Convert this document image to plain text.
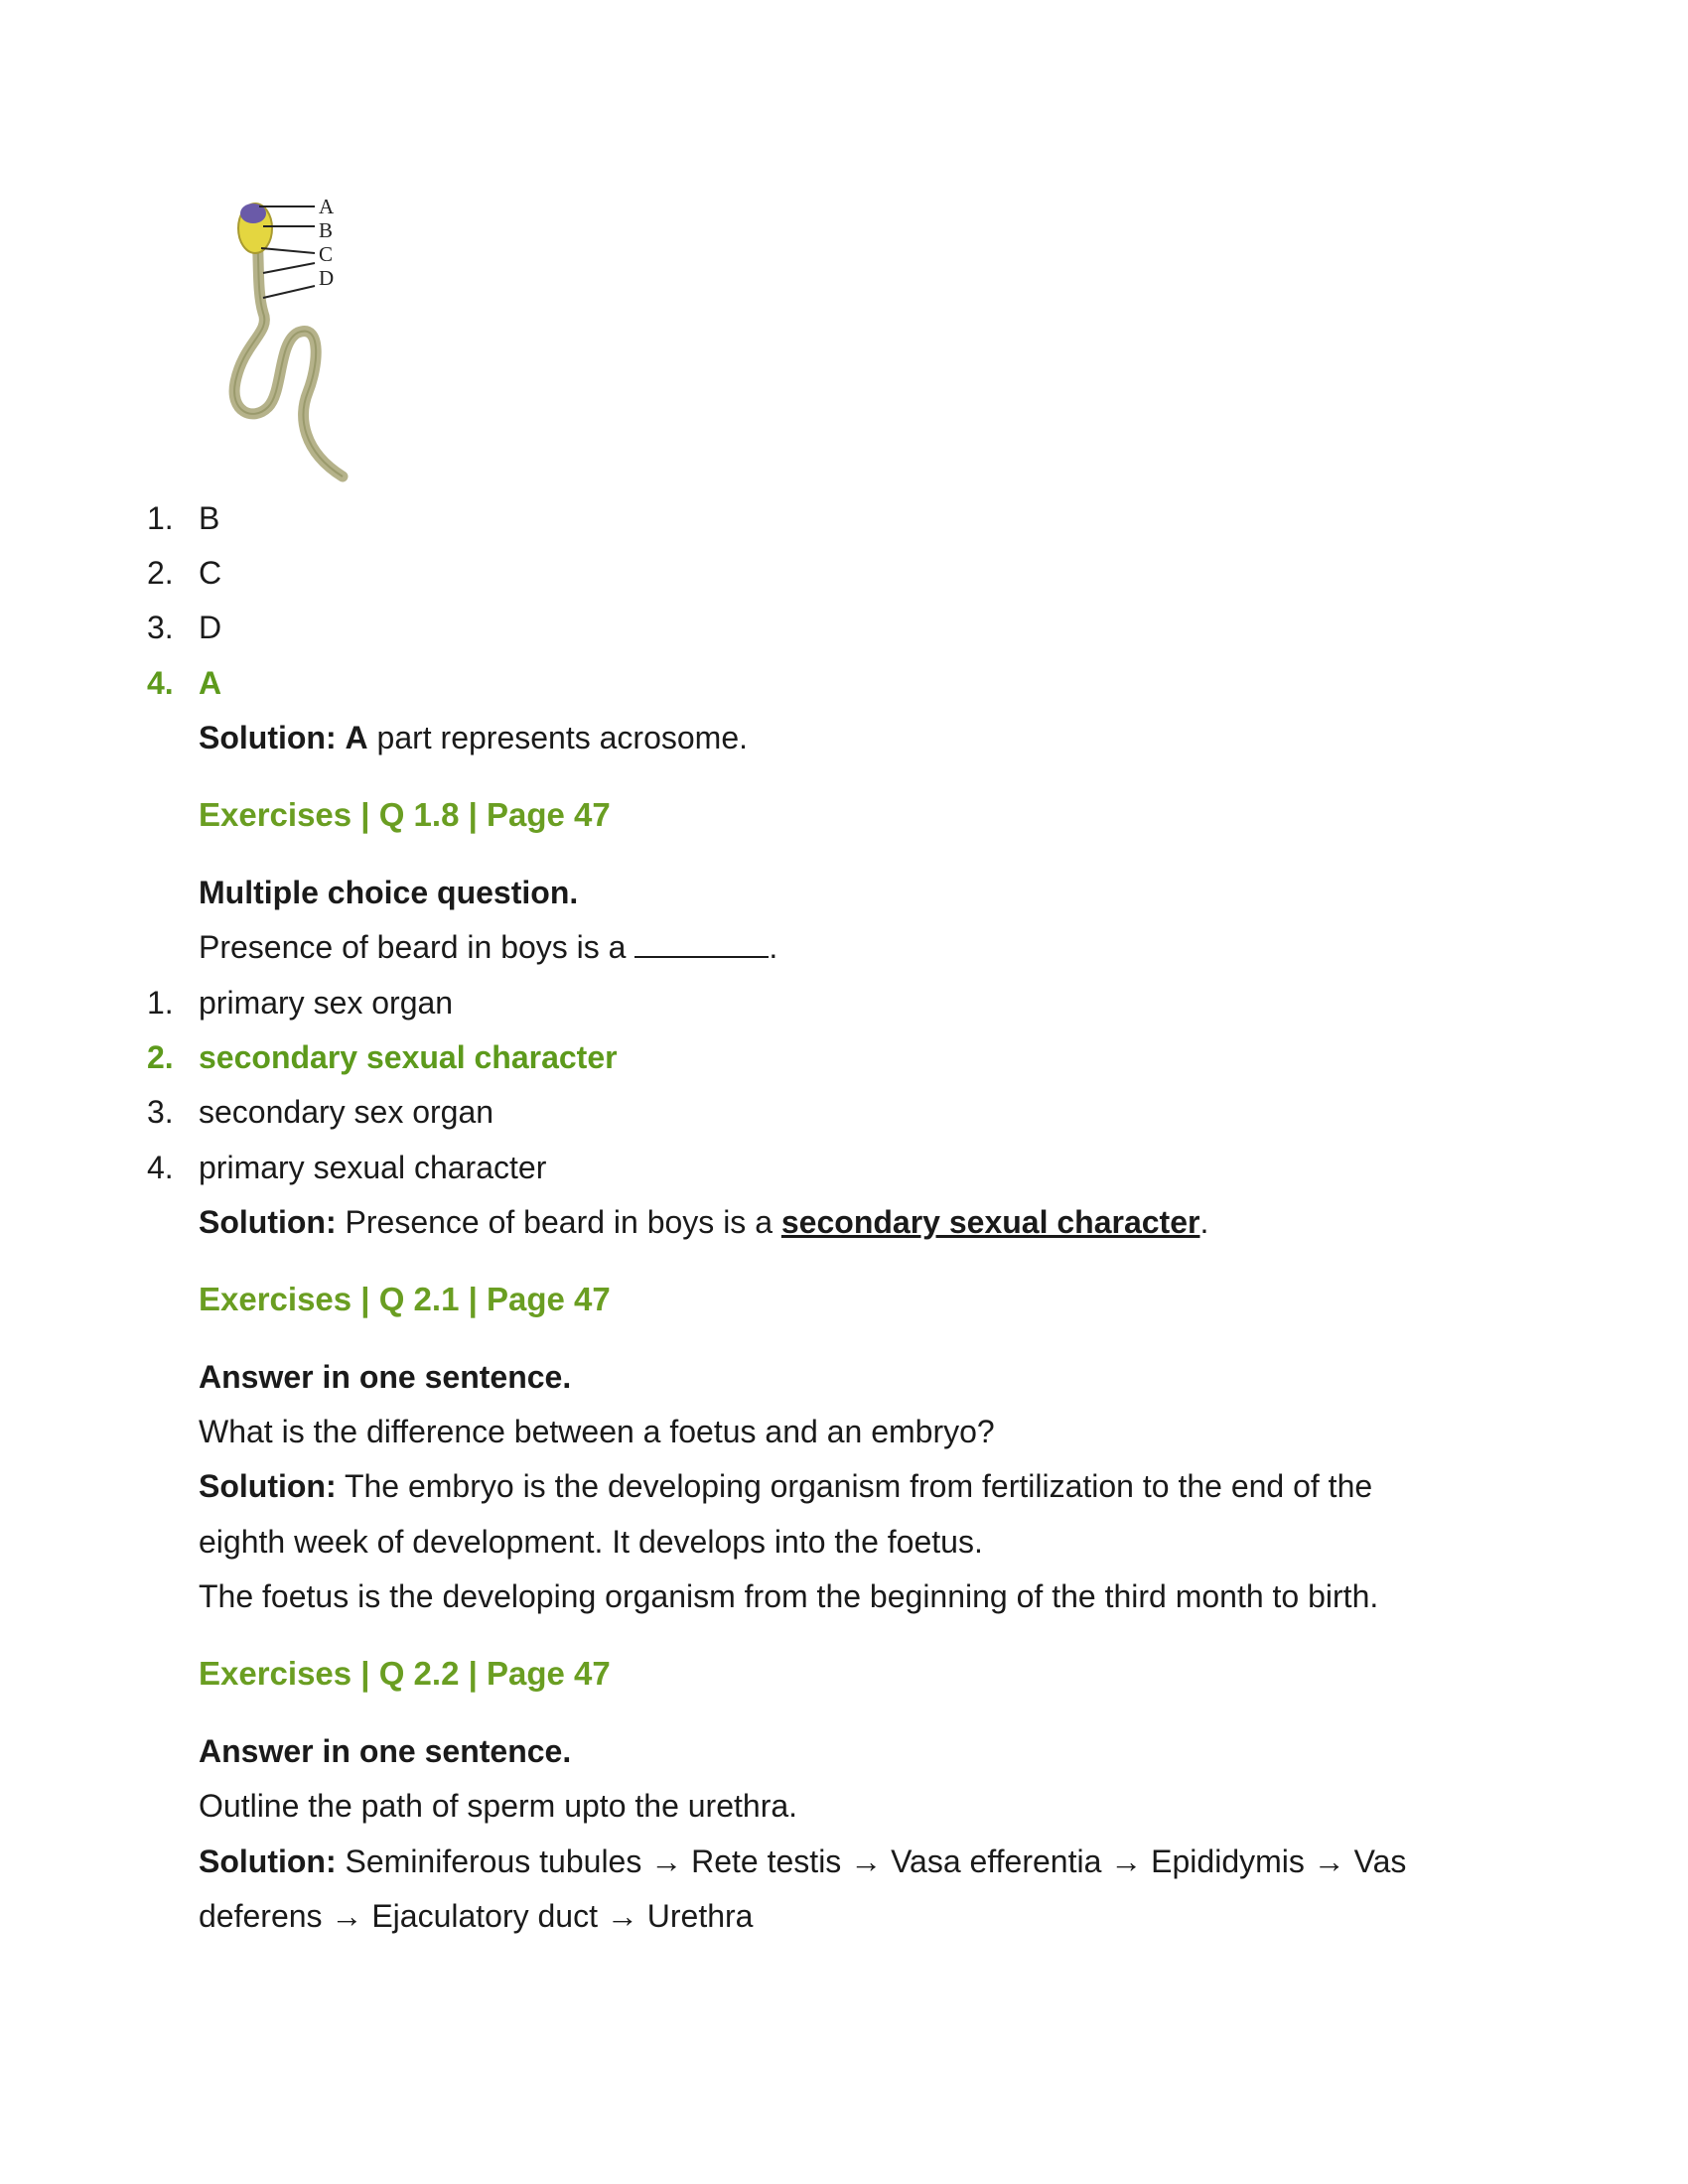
A
B
C
D
1. B
2. C
3. D
4. A
Solution: A part represents acrosome.
Exercises | Q 1.8 | Page 47
Multiple choice question.
Presence of beard in boys is a	.
1. primary sex organ
2. secondary sexual character
3. secondary sex organ
4. primary sexual character
Solution: Presence of beard in boys is a secondary sexual character.
Exercises | Q 2.1 | Page 47
Answer in one sentence.
What is the difference between a foetus and an embryo?
Solution: The embryo is the developing organism from fertilization to the end of the
eighth week of development. It develops into the foetus.
The foetus is the developing organism from the beginning of the third month to birth.
Exercises | Q 2.2 | Page 47
Answer in one sentence.
Outline the path of sperm upto the urethra.
Solution: Seminiferous tubules → Rete testis → Vasa efferentia → Epididymis → Vas
deferens → Ejaculatory duct → Urethra
